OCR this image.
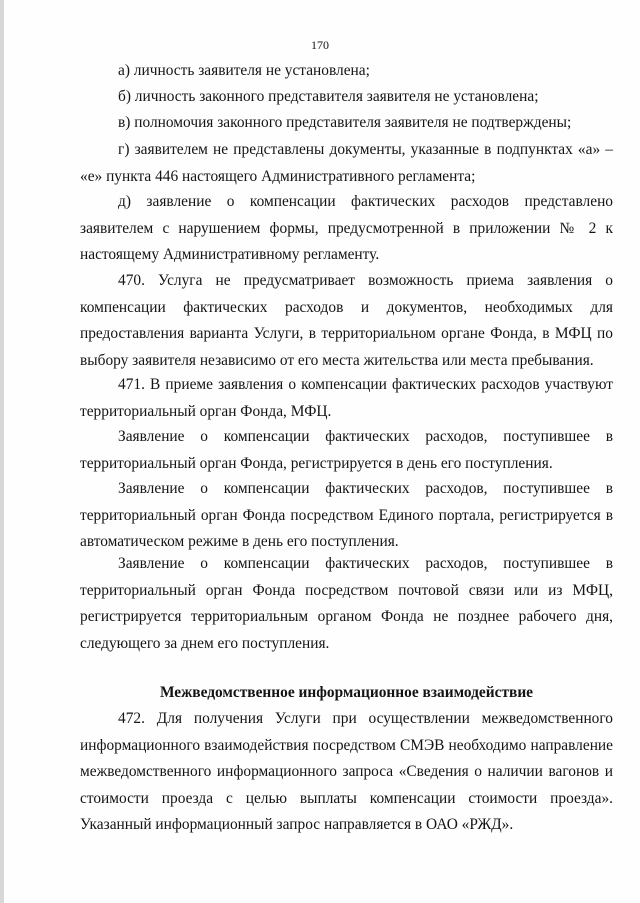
170

а) личность заявителя не установлена;

б) личность законного представителя заявителя не установлена;

в) полномочия законного представителя заявителя не подтверждены;

г) заявителем не представлены документы, указанные в подпунктах «а» – «е» пункта 446 настоящего Административного регламента;

д) заявление о компенсации фактических расходов представлено заявителем с нарушением формы, предусмотренной в приложении № 2 к настоящему Административному регламенту.

470. Услуга не предусматривает возможность приема заявления о компенсации фактических расходов и документов, необходимых для предоставления варианта Услуги, в территориальном органе Фонда, в МФЦ по выбору заявителя независимо от его места жительства или места пребывания.

471. В приеме заявления о компенсации фактических расходов участвуют территориальный орган Фонда, МФЦ.

Заявление о компенсации фактических расходов, поступившее в территориальный орган Фонда, регистрируется в день его поступления.

Заявление о компенсации фактических расходов, поступившее в территориальный орган Фонда посредством Единого портала, регистрируется в автоматическом режиме в день его поступления.

Заявление о компенсации фактических расходов, поступившее в территориальный орган Фонда посредством почтовой связи или из МФЦ, регистрируется территориальным органом Фонда не позднее рабочего дня, следующего за днем его поступления.

Межведомственное информационное взаимодействие

472. Для получения Услуги при осуществлении межведомственного информационного взаимодействия посредством СМЭВ необходимо направление межведомственного информационного запроса «Сведения о наличии вагонов и стоимости проезда с целью выплаты компенсации стоимости проезда». Указанный информационный запрос направляется в ОАО «РЖД».
